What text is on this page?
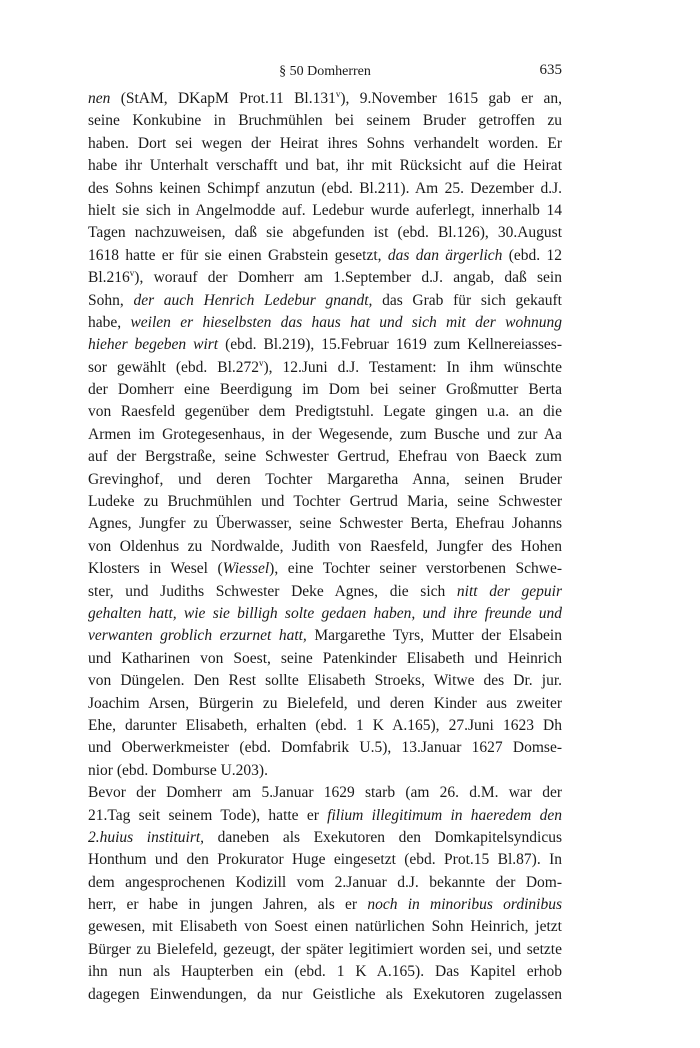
§ 50 Domherren	635
nen (StAM, DKapM Prot.11 Bl.131$^v$), 9.November 1615 gab er an,
seine Konkubine in Bruchmühlen bei seinem Bruder getroffen zu
haben. Dort sei wegen der Heirat ihres Sohns verhandelt worden. Er
habe ihr Unterhalt verschafft und bat, ihr mit Rücksicht auf die Heirat
des Sohns keinen Schimpf anzutun (ebd. Bl.211). Am 25. Dezember d.J.
hielt sie sich in Angelmodde auf. Ledebur wurde auferlegt, innerhalb 14
Tagen nachzuweisen, daß sie abgefunden ist (ebd. Bl.126), 30.August
1618 hatte er für sie einen Grabstein gesetzt, das dan ärgerlich (ebd. 12
Bl.216$^v$), worauf der Domherr am 1.September d.J. angab, daß sein
Sohn, der auch Henrich Ledebur gnandt, das Grab für sich gekauft
habe, weilen er hieselbsten das haus hat und sich mit der wohnung
hieher begeben wirt (ebd. Bl.219), 15.Februar 1619 zum Kellnereiasses-
sor gewählt (ebd. Bl.272$^v$), 12.Juni d.J. Testament: In ihm wünschte
der Domherr eine Beerdigung im Dom bei seiner Großmutter Berta
von Raesfeld gegenüber dem Predigtstuhl. Legate gingen u.a. an die
Armen im Grotegesenhaus, in der Wegesende, zum Busche und zur Aa
auf der Bergstraße, seine Schwester Gertrud, Ehefrau von Baeck zum
Grevinghof, und deren Tochter Margaretha Anna, seinen Bruder
Ludeke zu Bruchmühlen und Tochter Gertrud Maria, seine Schwester
Agnes, Jungfer zu Überwasser, seine Schwester Berta, Ehefrau Johanns
von Oldenhus zu Nordwalde, Judith von Raesfeld, Jungfer des Hohen
Klosters in Wesel (Wiessel), eine Tochter seiner verstorbenen Schwe-
ster, und Judiths Schwester Deke Agnes, die sich nitt der gepuir
gehalten hatt, wie sie billigh solte gedaen haben, und ihre freunde und
verwanten groblich erzurnet hatt, Margarethe Tyrs, Mutter der Elsabein
und Katharinen von Soest, seine Patenkinder Elisabeth und Heinrich
von Düngelen. Den Rest sollte Elisabeth Stroeks, Witwe des Dr. jur.
Joachim Arsen, Bürgerin zu Bielefeld, und deren Kinder aus zweiter
Ehe, darunter Elisabeth, erhalten (ebd. 1 K A.165), 27.Juni 1623 Dh
und Oberwerkmeister (ebd. Domfabrik U.5), 13.Januar 1627 Domse-
nior (ebd. Domburse U.203).
Bevor der Domherr am 5.Januar 1629 starb (am 26. d.M. war der
21.Tag seit seinem Tode), hatte er filium illegitimum in haeredem den
2.huius instituirt, daneben als Exekutoren den Domkapitelsyndicus
Honthum und den Prokurator Huge eingesetzt (ebd. Prot.15 Bl.87). In
dem angesprochenen Kodizill vom 2.Januar d.J. bekannte der Dom-
herr, er habe in jungen Jahren, als er noch in minoribus ordinibus
gewesen, mit Elisabeth von Soest einen natürlichen Sohn Heinrich, jetzt
Bürger zu Bielefeld, gezeugt, der später legitimiert worden sei, und setzte
ihn nun als Haupterben ein (ebd. 1 K A.165). Das Kapitel erhob
dagegen Einwendungen, da nur Geistliche als Exekutoren zugelassen
